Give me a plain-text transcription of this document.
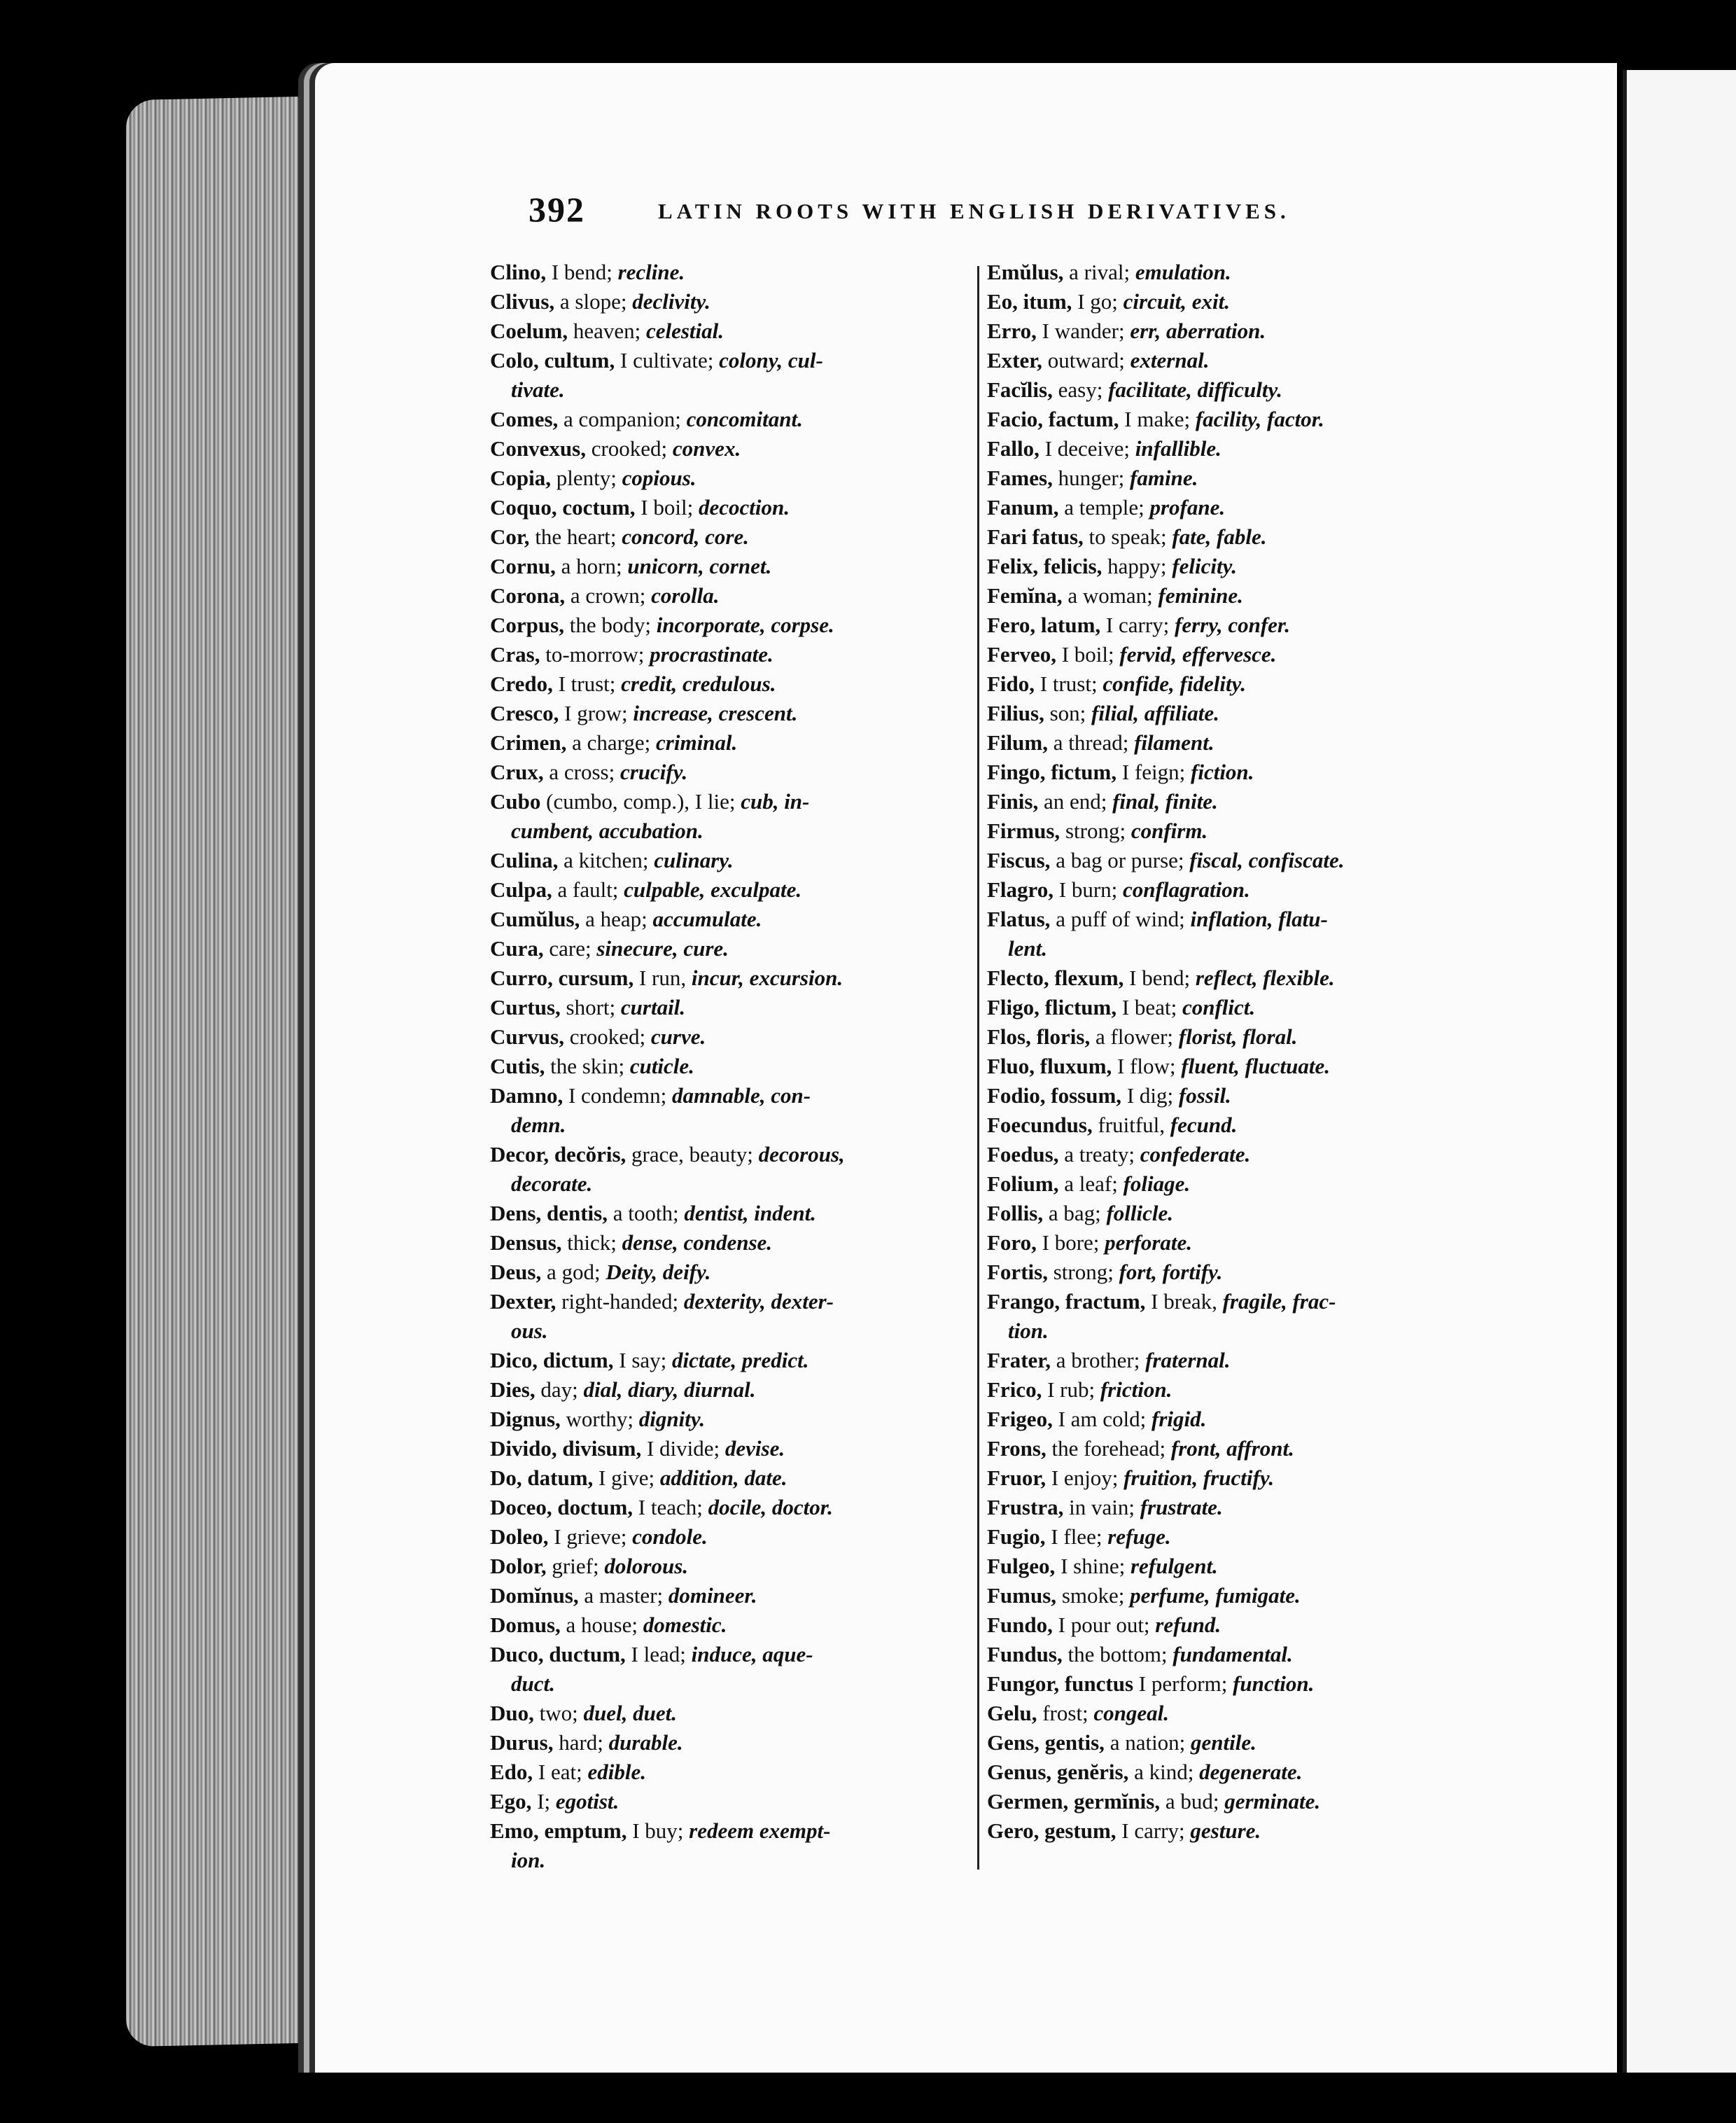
392	LATIN ROOTS WITH ENGLISH DERIVATIVES.
Clino, I bend; recline.
Clivus, a slope; declivity.
Coelum, heaven; celestial.
Colo, cultum, I cultivate; colony, cul-
tivate.
Comes, a companion; concomitant.
Convexus, crooked; convex.
Copia, plenty; copious.
Coquo, coctum, I boil; decoction.
Cor, the heart; concord, core.
Cornu, a horn; unicorn, cornet.
Corona, a crown; corolla.
Corpus, the body; incorporate, corpse.
Cras, to-morrow; procrastinate.
Credo, I trust; credit, credulous.
Cresco, I grow; increase, crescent.
Crimen, a charge; criminal.
Crux, a cross; crucify.
Cubo (cumbo, comp.), I lie; cub, in-
cumbent, accubation.
Culina, a kitchen; culinary.
Culpa, a fault; culpable, exculpate.
Cumŭlus, a heap; accumulate.
Cura, care; sinecure, cure.
Curro, cursum, I run, incur, excursion.
Curtus, short; curtail.
Curvus, crooked; curve.
Cutis, the skin; cuticle.
Damno, I condemn; damnable, con-
demn.
Decor, decŏris, grace, beauty; decorous,
decorate.
Dens, dentis, a tooth; dentist, indent.
Densus, thick; dense, condense.
Deus, a god; Deity, deify.
Dexter, right-handed; dexterity, dexter-
ous.
Dico, dictum, I say; dictate, predict.
Dies, day; dial, diary, diurnal.
Dignus, worthy; dignity.
Divido, divisum, I divide; devise.
Do, datum, I give; addition, date.
Doceo, doctum, I teach; docile, doctor.
Doleo, I grieve; condole.
Dolor, grief; dolorous.
Domĭnus, a master; domineer.
Domus, a house; domestic.
Duco, ductum, I lead; induce, aque-
duct.
Duo, two; duel, duet.
Durus, hard; durable.
Edo, I eat; edible.
Ego, I; egotist.
Emo, emptum, I buy; redeem exempt-
ion.
Emŭlus, a rival; emulation.
Eo, itum, I go; circuit, exit.
Erro, I wander; err, aberration.
Exter, outward; external.
Facĭlis, easy; facilitate, difficulty.
Facio, factum, I make; facility, factor.
Fallo, I deceive; infallible.
Fames, hunger; famine.
Fanum, a temple; profane.
Fari fatus, to speak; fate, fable.
Felix, felicis, happy; felicity.
Femĭna, a woman; feminine.
Fero, latum, I carry; ferry, confer.
Ferveo, I boil; fervid, effervesce.
Fido, I trust; confide, fidelity.
Filius, son; filial, affiliate.
Filum, a thread; filament.
Fingo, fictum, I feign; fiction.
Finis, an end; final, finite.
Firmus, strong; confirm.
Fiscus, a bag or purse; fiscal, confiscate.
Flagro, I burn; conflagration.
Flatus, a puff of wind; inflation, flatu-
lent.
Flecto, flexum, I bend; reflect, flexible.
Fligo, flictum, I beat; conflict.
Flos, floris, a flower; florist, floral.
Fluo, fluxum, I flow; fluent, fluctuate.
Fodio, fossum, I dig; fossil.
Foecundus, fruitful, fecund.
Foedus, a treaty; confederate.
Folium, a leaf; foliage.
Follis, a bag; follicle.
Foro, I bore; perforate.
Fortis, strong; fort, fortify.
Frango, fractum, I break, fragile, frac-
tion.
Frater, a brother; fraternal.
Frico, I rub; friction.
Frigeo, I am cold; frigid.
Frons, the forehead; front, affront.
Fruor, I enjoy; fruition, fructify.
Frustra, in vain; frustrate.
Fugio, I flee; refuge.
Fulgeo, I shine; refulgent.
Fumus, smoke; perfume, fumigate.
Fundo, I pour out; refund.
Fundus, the bottom; fundamental.
Fungor, functus I perform; function.
Gelu, frost; congeal.
Gens, gentis, a nation; gentile.
Genus, genĕris, a kind; degenerate.
Germen, germĭnis, a bud; germinate.
Gero, gestum, I carry; gesture.
